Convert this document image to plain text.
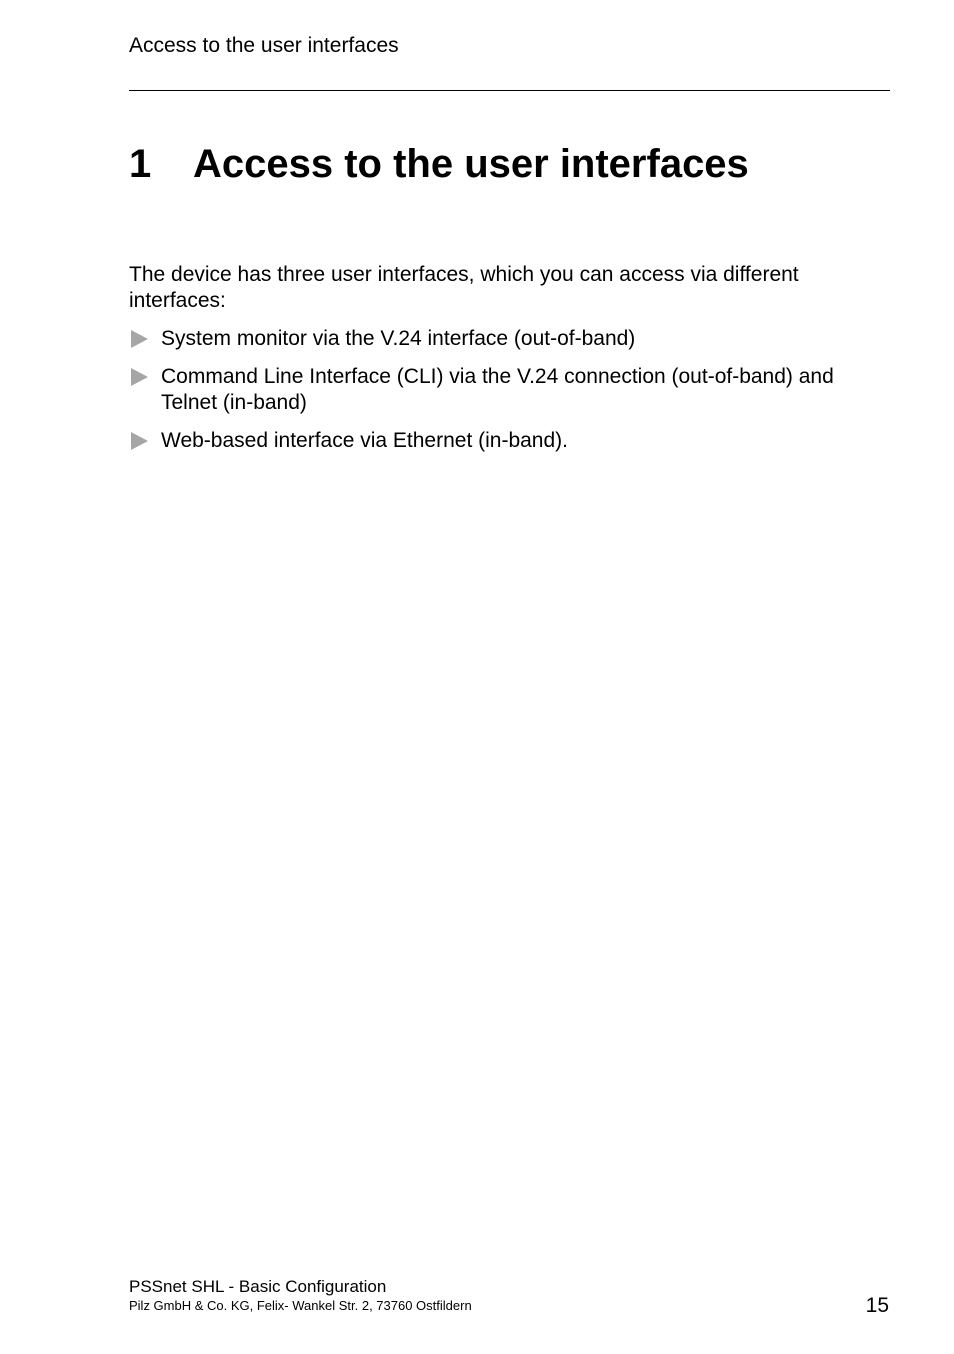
Access to the user interfaces
1 Access to the user interfaces

The device has three user interfaces, which you can access via different interfaces:

System monitor via the V.24 interface (out-of-band)
Command Line Interface (CLI) via the V.24 connection (out-of-band) and Telnet (in-band)
Web-based interface via Ethernet (in-band).
PSSnet SHL - Basic Configuration
Pilz GmbH & Co. KG, Felix- Wankel Str. 2, 73760 Ostfildern	15
